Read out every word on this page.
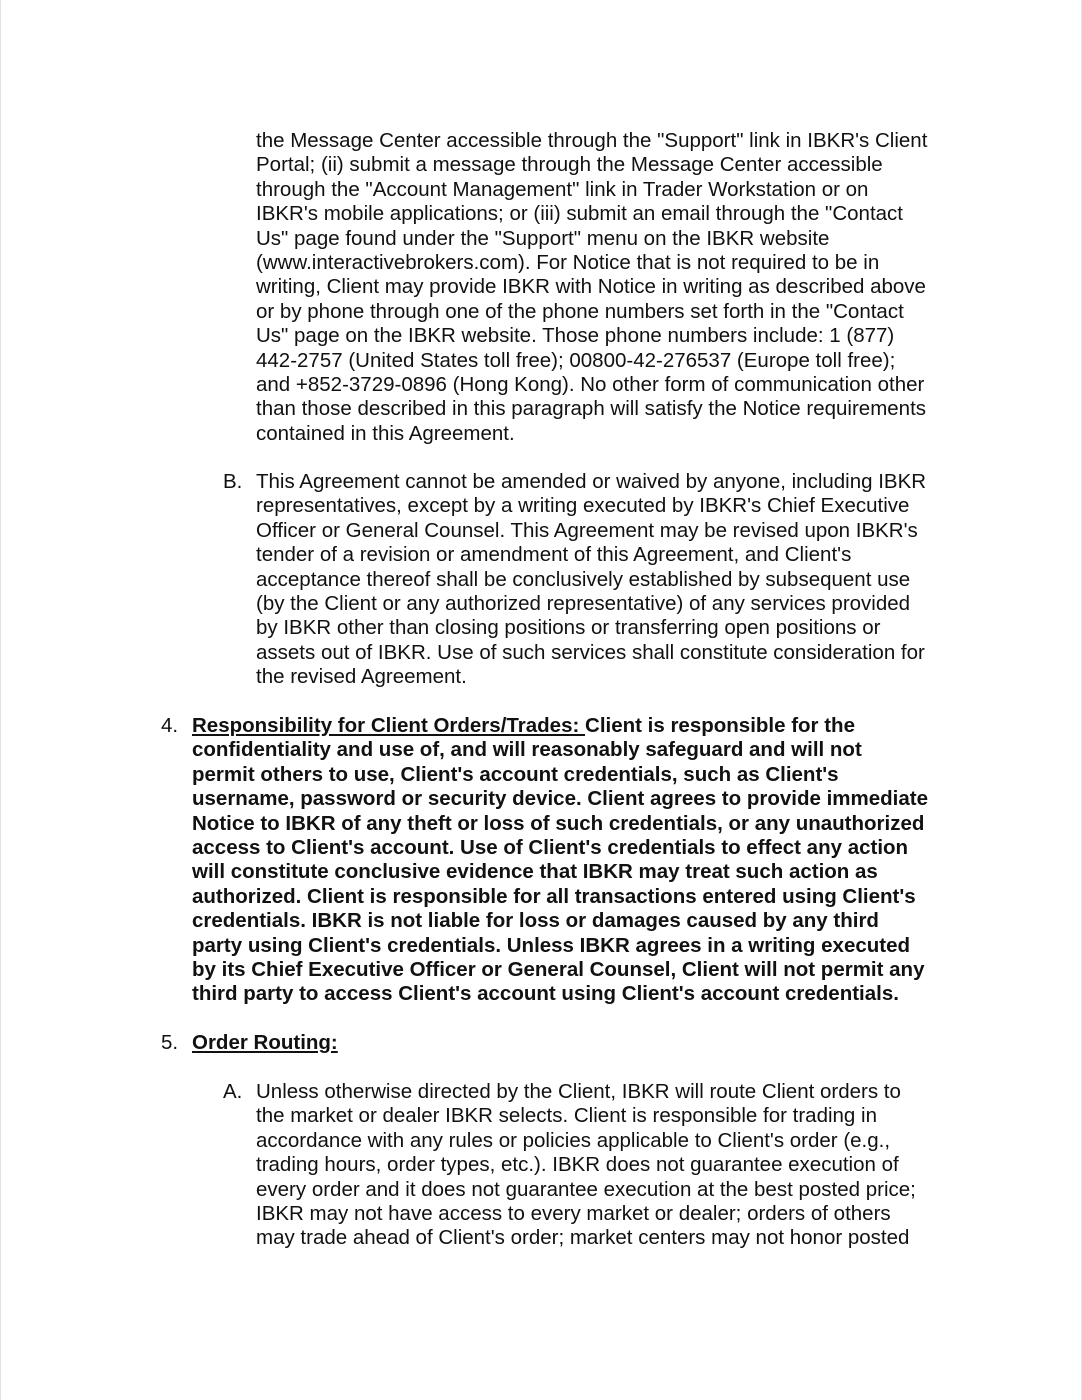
the Message Center accessible through the "Support" link in IBKR's Client
Portal; (ii) submit a message through the Message Center accessible
through the "Account Management" link in Trader Workstation or on
IBKR's mobile applications; or (iii) submit an email through the "Contact
Us" page found under the "Support" menu on the IBKR website
(www.interactivebrokers.com). For Notice that is not required to be in
writing, Client may provide IBKR with Notice in writing as described above
or by phone through one of the phone numbers set forth in the "Contact
Us" page on the IBKR website. Those phone numbers include: 1 (877)
442-2757 (United States toll free); 00800-42-276537 (Europe toll free);
and +852-3729-0896 (Hong Kong). No other form of communication other
than those described in this paragraph will satisfy the Notice requirements
contained in this Agreement.

B. This Agreement cannot be amended or waived by anyone, including IBKR
representatives, except by a writing executed by IBKR's Chief Executive
Officer or General Counsel. This Agreement may be revised upon IBKR's
tender of a revision or amendment of this Agreement, and Client's
acceptance thereof shall be conclusively established by subsequent use
(by the Client or any authorized representative) of any services provided
by IBKR other than closing positions or transferring open positions or
assets out of IBKR. Use of such services shall constitute consideration for
the revised Agreement.

4. Responsibility for Client Orders/Trades: Client is responsible for the
confidentiality and use of, and will reasonably safeguard and will not
permit others to use, Client's account credentials, such as Client's
username, password or security device. Client agrees to provide immediate
Notice to IBKR of any theft or loss of such credentials, or any unauthorized
access to Client's account. Use of Client's credentials to effect any action
will constitute conclusive evidence that IBKR may treat such action as
authorized. Client is responsible for all transactions entered using Client's
credentials. IBKR is not liable for loss or damages caused by any third
party using Client's credentials. Unless IBKR agrees in a writing executed
by its Chief Executive Officer or General Counsel, Client will not permit any
third party to access Client's account using Client's account credentials.

5. Order Routing:

A. Unless otherwise directed by the Client, IBKR will route Client orders to
the market or dealer IBKR selects. Client is responsible for trading in
accordance with any rules or policies applicable to Client's order (e.g.,
trading hours, order types, etc.). IBKR does not guarantee execution of
every order and it does not guarantee execution at the best posted price;
IBKR may not have access to every market or dealer; orders of others
may trade ahead of Client's order; market centers may not honor posted
